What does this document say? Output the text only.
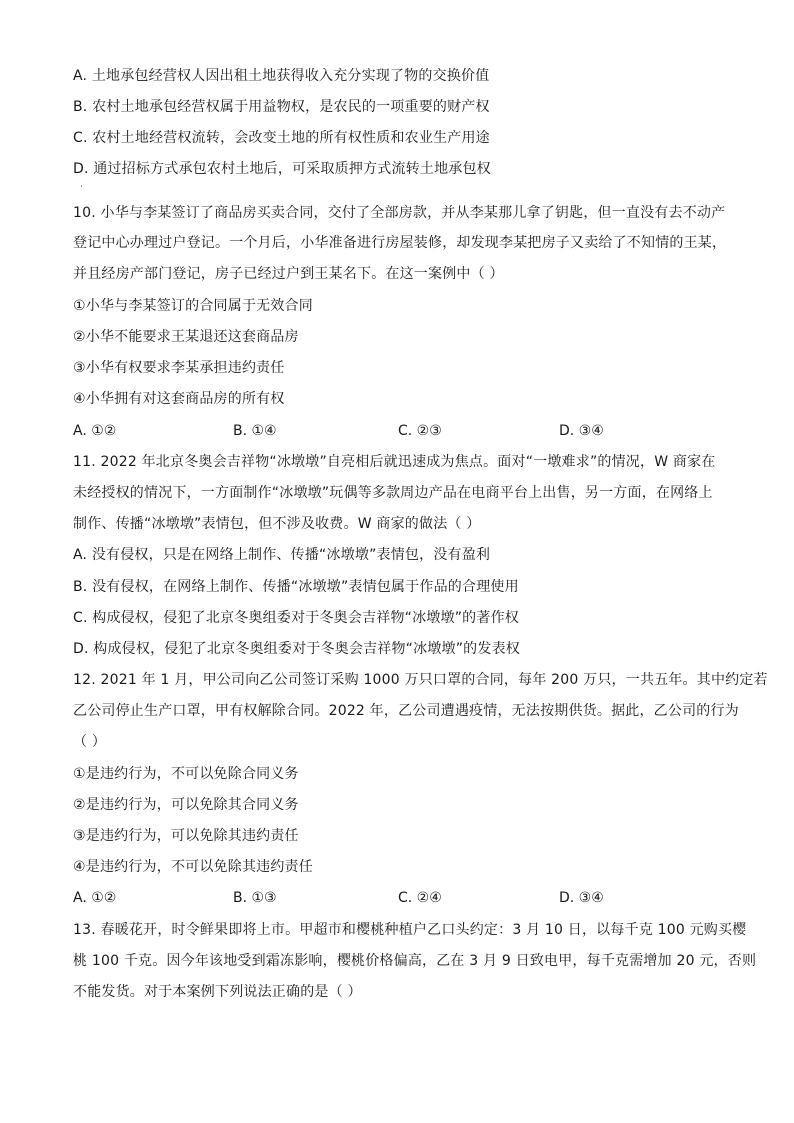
A. 土地承包经营权人因出租土地获得收入充分实现了物的交换价值
B. 农村土地承包经营权属于用益物权，是农民的一项重要的财产权
C. 农村土地经营权流转，会改变土地的所有权性质和农业生产用途
D. 通过招标方式承包农村土地后，可采取质押方式流转土地承包权
·
10. 小华与李某签订了商品房买卖合同，交付了全部房款，并从李某那儿拿了钥匙，但一直没有去不动产
登记中心办理过户登记。一个月后，小华准备进行房屋装修，却发现李某把房子又卖给了不知情的王某，
并且经房产部门登记，房子已经过户到王某名下。在这一案例中（ ）
①小华与李某签订的合同属于无效合同
②小华不能要求王某退还这套商品房
③小华有权要求李某承担违约责任
④小华拥有对这套商品房的所有权
A. ①②	B. ①④	C. ②③	D. ③④
11. 2022 年北京冬奥会吉祥物“冰墩墩”自亮相后就迅速成为焦点。面对“一墩难求”的情况，W 商家在
未经授权的情况下，一方面制作“冰墩墩”玩偶等多款周边产品在电商平台上出售，另一方面，在网络上
制作、传播“冰墩墩”表情包，但不涉及收费。W 商家的做法（ ）
A. 没有侵权，只是在网络上制作、传播“冰墩墩”表情包，没有盈利
B. 没有侵权，在网络上制作、传播“冰墩墩”表情包属于作品的合理使用
C. 构成侵权，侵犯了北京冬奥组委对于冬奥会吉祥物“冰墩墩”的著作权
D. 构成侵权，侵犯了北京冬奥组委对于冬奥会吉祥物“冰墩墩”的发表权
12. 2021 年 1 月，甲公司向乙公司签订采购 1000 万只口罩的合同，每年 200 万只，一共五年。其中约定若
乙公司停止生产口罩，甲有权解除合同。2022 年，乙公司遭遇疫情，无法按期供货。据此，乙公司的行为
（ ）
①是违约行为，不可以免除合同义务
②是违约行为，可以免除其合同义务
③是违约行为，可以免除其违约责任
④是违约行为，不可以免除其违约责任
A. ①②	B. ①③	C. ②④	D. ③④
13. 春暖花开，时令鲜果即将上市。甲超市和樱桃种植户乙口头约定：3 月 10 日，以每千克 100 元购买樱
桃 100 千克。因今年该地受到霜冻影响，樱桃价格偏高，乙在 3 月 9 日致电甲，每千克需增加 20 元，否则
不能发货。对于本案例下列说法正确的是（ ）
